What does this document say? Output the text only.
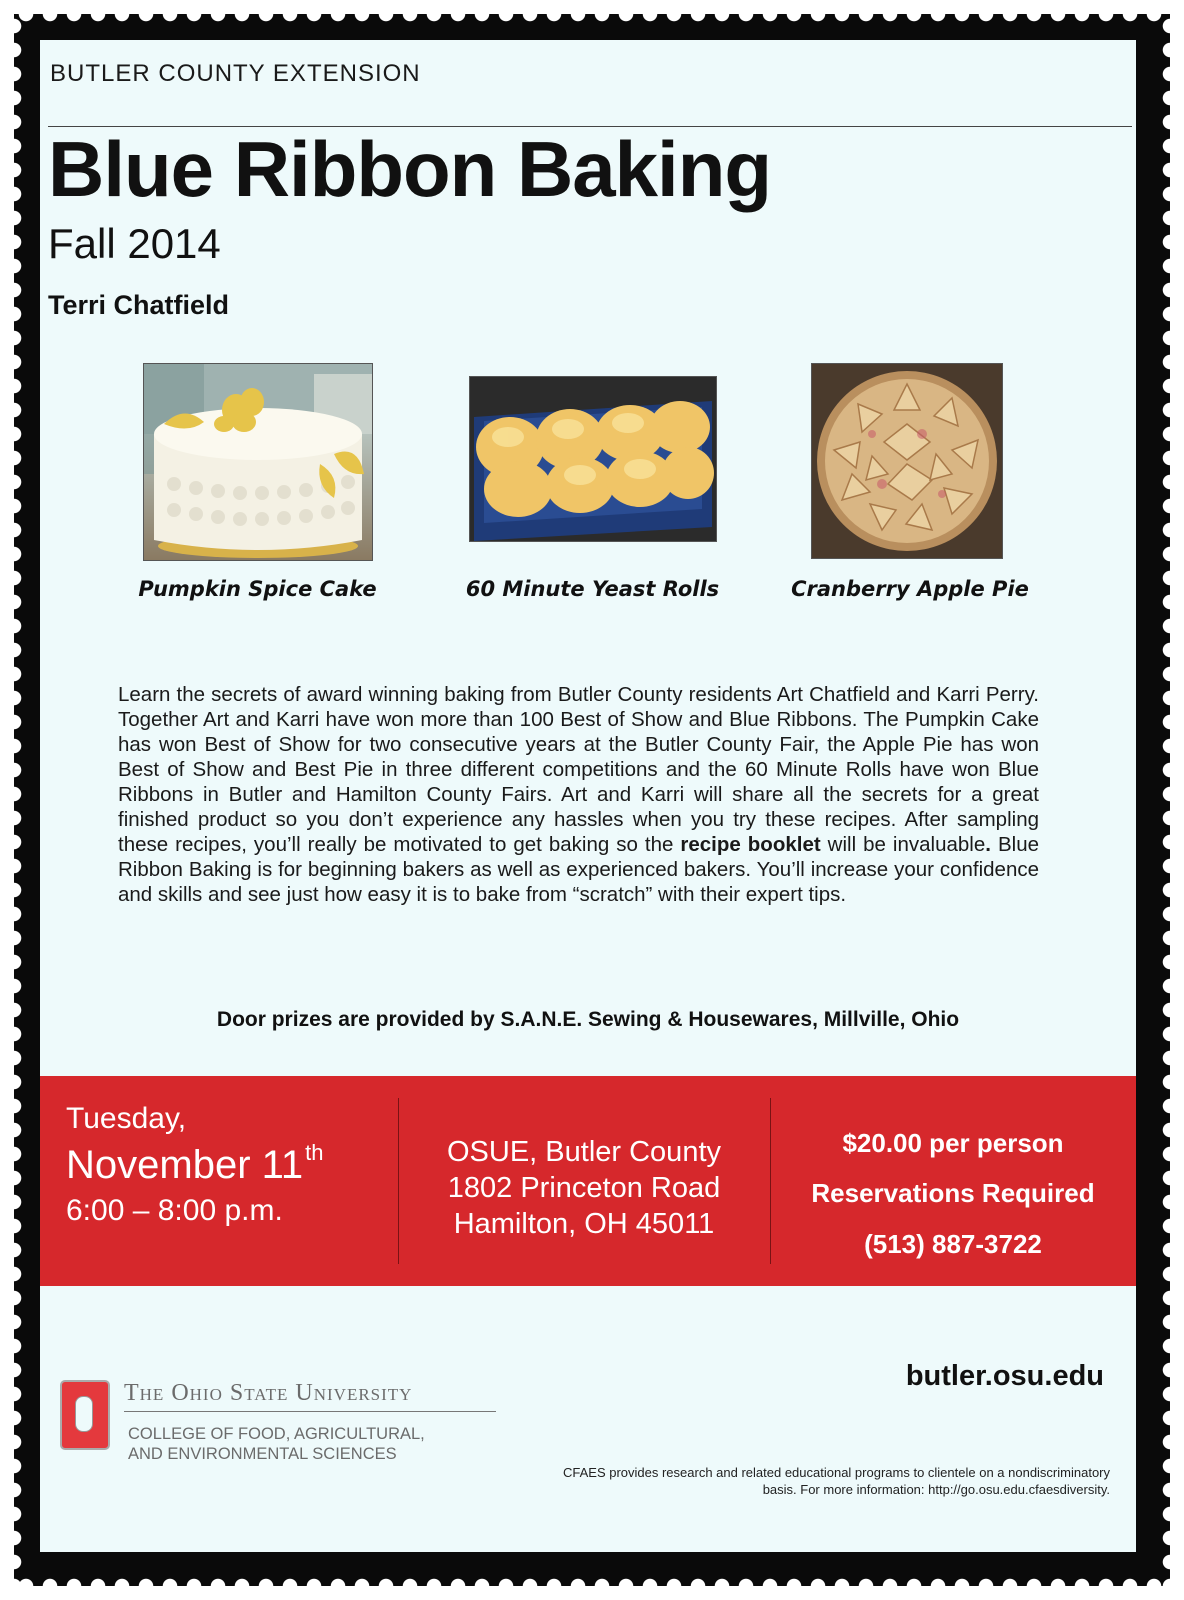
BUTLER COUNTY EXTENSION
Blue Ribbon Baking
Fall 2014
Terri Chatfield
Pumpkin Spice Cake	60 Minute Yeast Rolls	Cranberry Apple Pie
Learn the secrets of award winning baking from Butler County residents Art Chatfield and Karri Perry. Together Art and Karri have won more than 100 Best of Show and Blue Ribbons. The Pumpkin Cake has won Best of Show for two consecutive years at the Butler County Fair, the Apple Pie has won Best of Show and Best Pie in three different competitions and the 60 Minute Rolls have won Blue Ribbons in Butler and Hamilton County Fairs. Art and Karri will share all the secrets for a great finished product so you don’t experience any hassles when you try these recipes. After sampling these recipes, you’ll really be motivated to get baking so the recipe booklet will be invaluable. Blue Ribbon Baking is for beginning bakers as well as experienced bakers. You’ll increase your confidence and skills and see just how easy it is to bake from “scratch” with their expert tips.
Door prizes are provided by S.A.N.E. Sewing & Housewares, Millville, Ohio
Tuesday,
November 11th
6:00 – 8:00 p.m.
OSUE, Butler County
1802 Princeton Road
Hamilton, OH 45011
$20.00 per person
Reservations Required
(513) 887-3722
butler.osu.edu
The Ohio State University
COLLEGE OF FOOD, AGRICULTURAL,
AND ENVIRONMENTAL SCIENCES
CFAES provides research and related educational programs to clientele on a nondiscriminatory basis. For more information: http://go.osu.edu.cfaesdiversity.
